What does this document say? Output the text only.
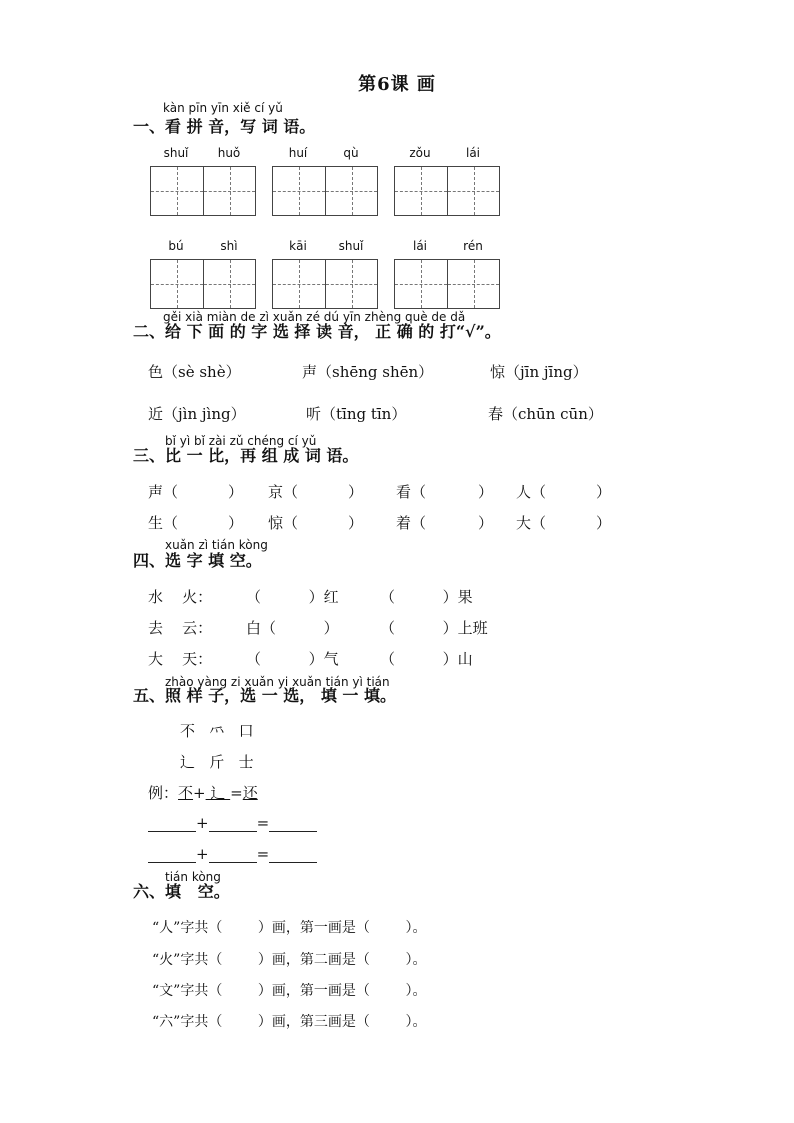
第6课 画
kàn pīn yīn xiě cí yǔ
一、看 拼 音，写 词 语。
shuǐ	huǒ	huí	qù	zǒu	lái
bú	shì	kāi	shuǐ	lái	rén
gěi xià miàn de zì xuǎn zé dú yīn zhèng què de dǎ
二、给 下 面 的 字 选 择 读 音， 正 确 的 打“√”。
色（sè shè）	声（shēng shēn）	惊（jīn jīng）
近（jìn jìng）	听（tīng tīn）	春（chūn cūn）
bǐ yì bǐ zài zǔ chéng cí yǔ
三、比 一 比，再 组 成 词 语。
声（	） 京（	） 看（	） 人（	）
生（	） 惊（	） 着（	） 大（	）
xuǎn zì tián kòng
四、选 字 填 空。
水    火： （          ）红	（          ）果
去    云： 白（          ）	（          ）上班
大    天： （          ）气	（          ）山
zhào yàng zi xuǎn yi xuǎn tián yì tián
五、照 样 子，选 一 选， 填 一 填。
不   ⺤   口
辶   斤   士
例：不+ 辶 =还
+	=
+	=
tián kòng
六、填   空。
“人”字共（        ）画，第一画是（        ）。
“火”字共（        ）画，第二画是（        ）。
“文”字共（        ）画，第一画是（        ）。
“六”字共（        ）画，第三画是（        ）。
